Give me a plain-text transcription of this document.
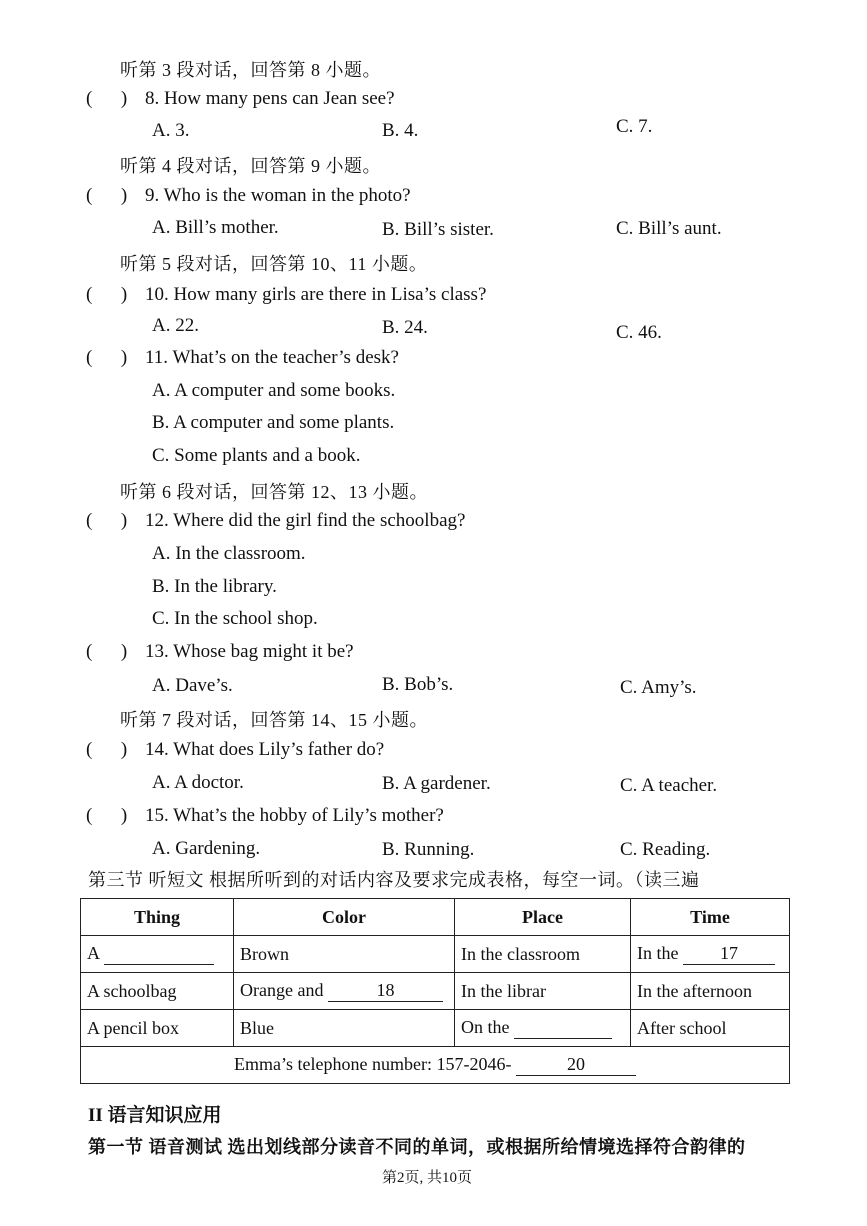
听第 3 段对话，回答第 8 小题。
(      ) 8. How many pens can Jean see?
A. 3.	B. 4.	C. 7.
听第 4 段对话，回答第 9 小题。
(      ) 9. Who is the woman in the photo?
A. Bill’s mother.	B. Bill’s sister.	C. Bill’s aunt.
听第 5 段对话，回答第 10、11 小题。
(      ) 10. How many girls are there in Lisa’s class?
A. 22.	B. 24.	C. 46.
(      ) 11. What’s on the teacher’s desk?
A. A computer and some books.
B. A computer and some plants.
C. Some plants and a book.
听第 6 段对话，回答第 12、13 小题。
(      ) 12. Where did the girl find the schoolbag?
A. In the classroom.
B. In the library.
C. In the school shop.
(      ) 13. Whose bag might it be?
A. Dave’s.	B. Bob’s.	C. Amy’s.
听第 7 段对话，回答第 14、15 小题。
(      ) 14. What does Lily’s father do?
A. A doctor.	B. A gardener.	C. A teacher.
(      ) 15. What’s the hobby of Lily’s mother?
A. Gardening.	B. Running.	C. Reading.
第三节 听短文 根据所听到的对话内容及要求完成表格，每空一词。（读三遍
Thing	Color	Place	Time
A	Brown	In the classroom	In the 17
A schoolbag	Orange and 18	In the librar	In the afternoon
A pencil box	Blue	On the	After school
Emma’s telephone number: 157-2046- 20			
II 语言知识应用
第一节 语音测试 选出划线部分读音不同的单词，或根据所给情境选择符合韵律的
第2页, 共10页
